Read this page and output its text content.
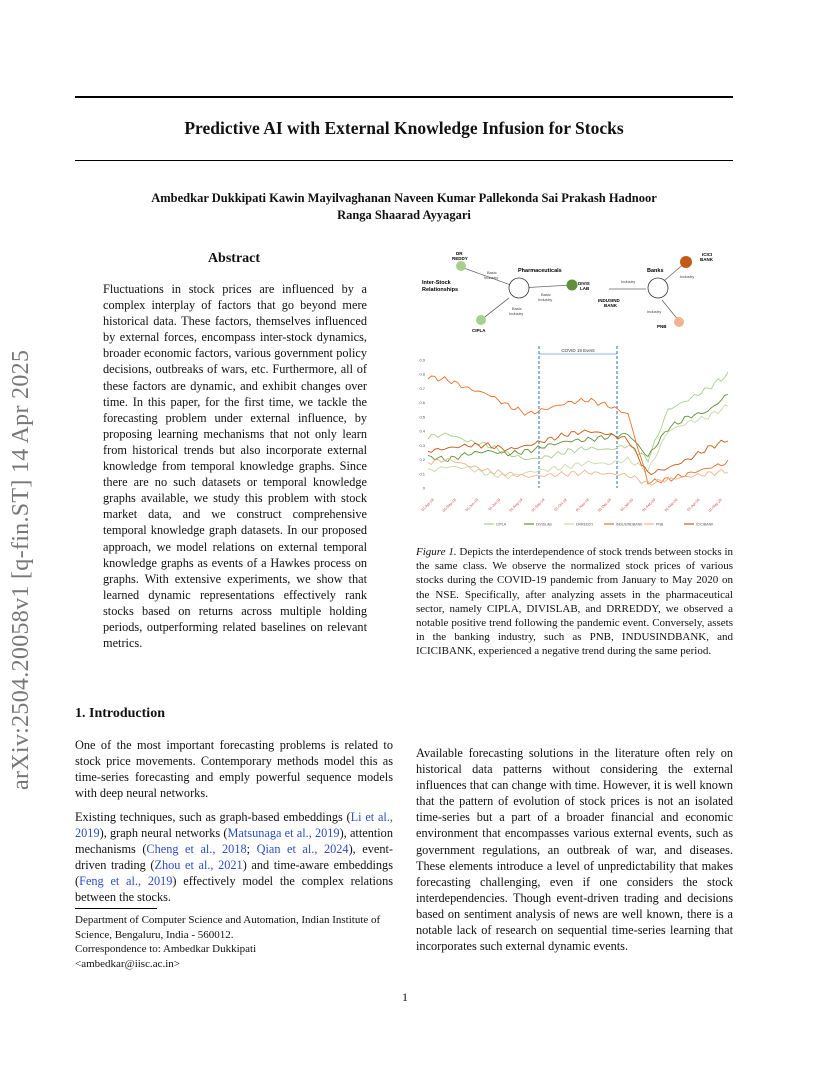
Predictive AI with External Knowledge Infusion for Stocks
Ambedkar Dukkipati Kawin Mayilvaghanan Naveen Kumar Pallekonda Sai Prakash Hadnoor
Ranga Shaarad Ayyagari
arXiv:2504.20058v1 [q-fin.ST] 14 Apr 2025
Abstract
Fluctuations in stock prices are influenced by a complex interplay of factors that go beyond mere historical data. These factors, themselves influenced by external forces, encompass inter-stock dynamics, broader economic factors, various government policy decisions, outbreaks of wars, etc. Furthermore, all of these factors are dynamic, and exhibit changes over time. In this paper, for the first time, we tackle the forecasting problem under external influence, by proposing learning mechanisms that not only learn from historical trends but also incorporate external knowledge from temporal knowledge graphs. Since there are no such datasets or temporal knowledge graphs available, we study this problem with stock market data, and we construct comprehensive temporal knowledge graph datasets. In our proposed approach, we model relations on external temporal knowledge graphs as events of a Hawkes process on graphs. With extensive experiments, we show that learned dynamic representations effectively rank stocks based on returns across multiple holding periods, outperforming related baselines on relevant metrics.
Inter-Stock Relationships
DR REDDY
Pharmaceuticals
DIVIS LAB
CIPLA
Banks
ICICI BANK
INDUSIND BANK
PNB
Basic Industry
Basic Industry
Basic Industry
Industry
Industry
Industry
0
0.1
0.2
0.3
0.4
0.5
0.6
0.7
0.8
0.9
01-Apr-19 01-May-19 01-Jun-19 01-Jul-19 01-Aug-19 01-Sep-19 01-Oct-19 01-Nov-19 01-Dec-19 01-Jan-20 01-Feb-20 01-Mar-20 01-Apr-20 01-May-20
COVID 19 Event
CIPLA	DIVISLAB	DRREDDY	INDUSINDBANK	PNB	ICICIBANK
Figure 1. Depicts the interdependence of stock trends between stocks in the same class. We observe the normalized stock prices of various stocks during the COVID-19 pandemic from January to May 2020 on the NSE. Specifically, after analyzing assets in the pharmaceutical sector, namely CIPLA, DIVISLAB, and DRREDDY, we observed a notable positive trend following the pandemic event. Conversely, assets in the banking industry, such as PNB, INDUSINDBANK, and ICICIBANK, experienced a negative trend during the same period.
1. Introduction
One of the most important forecasting problems is related to stock price movements. Contemporary methods model this as time-series forecasting and emply powerful sequence models with deep neural networks.
Existing techniques, such as graph-based embeddings (Li et al., 2019), graph neural networks (Matsunaga et al., 2019), attention mechanisms (Cheng et al., 2018; Qian et al., 2024), event-driven trading (Zhou et al., 2021) and time-aware embeddings (Feng et al., 2019) effectively model the complex relations between the stocks.
Department of Computer Science and Automation, Indian Institute of Science, Bengaluru, India - 560012.
Correspondence to: Ambedkar Dukkipati
<ambedkar@iisc.ac.in>
Available forecasting solutions in the literature often rely on historical data patterns without considering the external influences that can change with time. However, it is well known that the pattern of evolution of stock prices is not an isolated time-series but a part of a broader financial and economic environment that encompasses various external events, such as government regulations, an outbreak of war, and diseases. These elements introduce a level of unpredictability that makes forecasting challenging, even if one considers the stock interdependencies. Though event-driven trading and decisions based on sentiment analysis of news are well known, there is a notable lack of research on sequential time-series learning that incorporates such external dynamic events.
1
